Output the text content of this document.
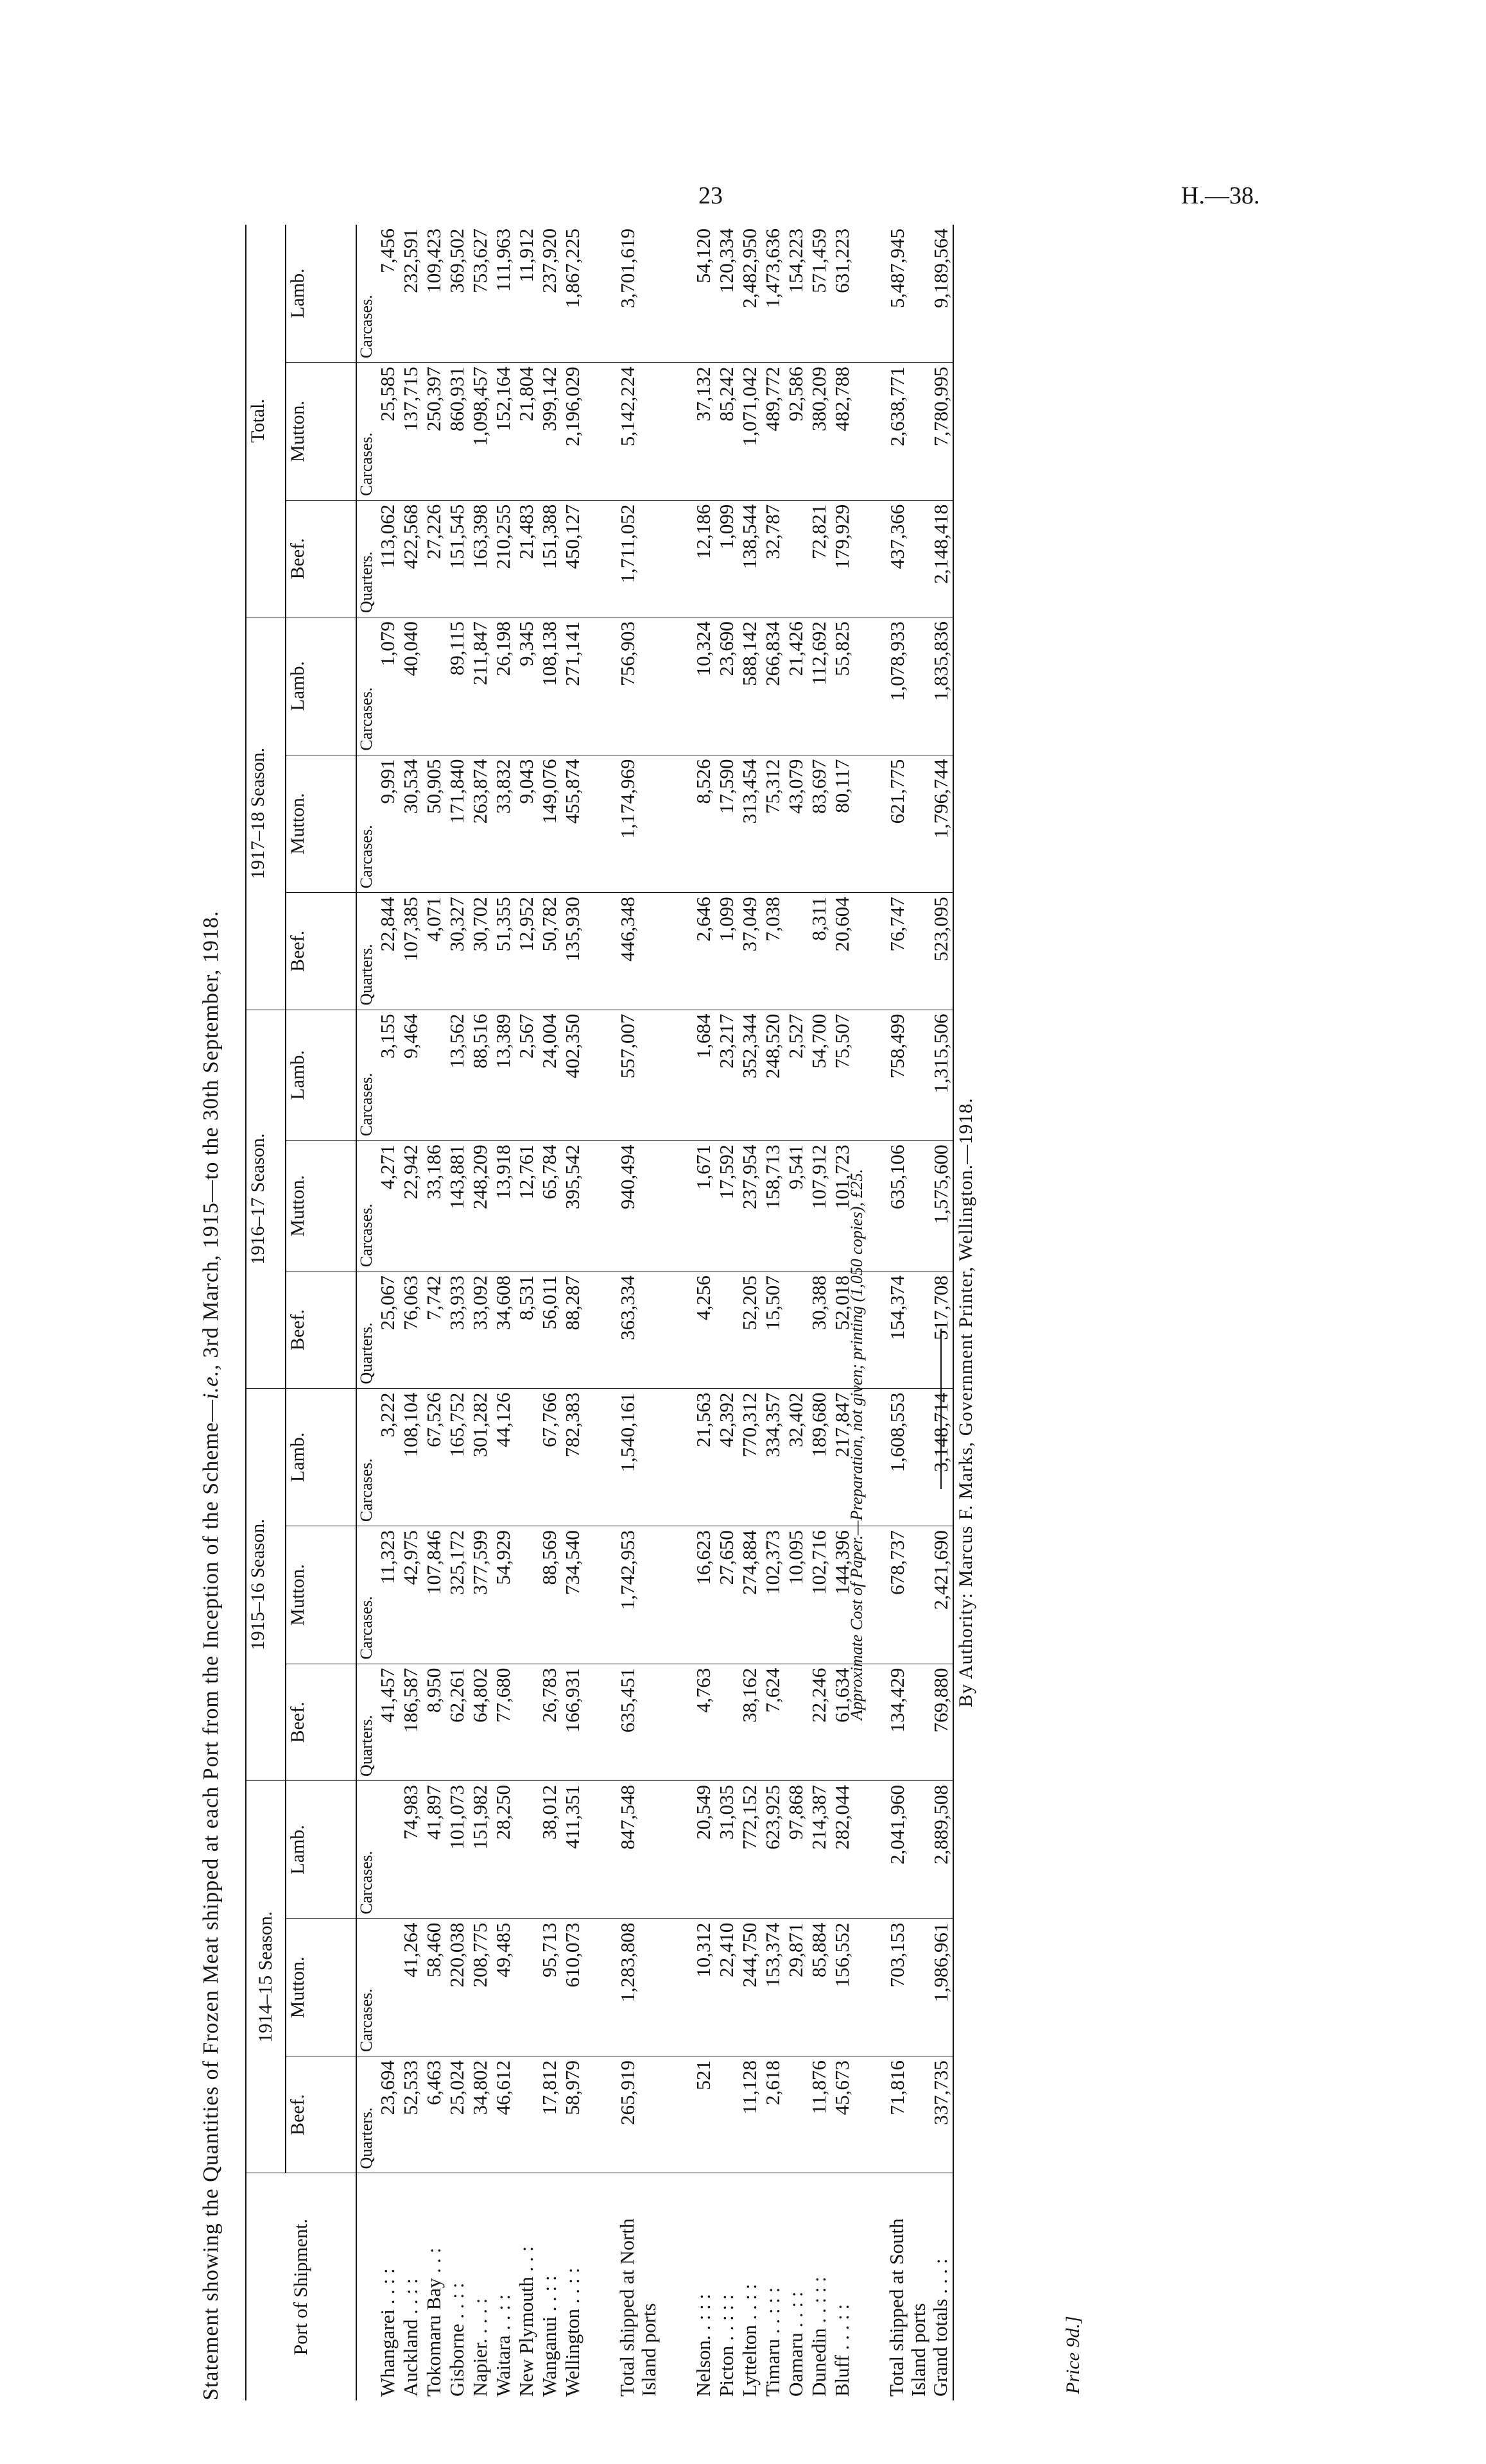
23	H.—38.
Statement showing the Quantities of Frozen Meat shipped at each Port from the Inception of the Scheme—i.e., 3rd March, 1915—to the 30th September, 1918.
Port of Shipment.	1914–15 Season.			1915–16 Season.			1916–17 Season.			1917–18 Season.			Total.		
	Beef.	Mutton.	Lamb.	Beef.	Mutton.	Lamb.	Beef.	Mutton.	Lamb.	Beef.	Mutton.	Lamb.	Beef.	Mutton.	Lamb.
	Quarters.	Carcases.	Carcases.	Quarters.	Carcases.	Carcases.	Quarters.	Carcases.	Carcases.	Quarters.	Carcases.	Carcases.	Quarters.	Carcases.	Carcases.
Whangarei . . : :	23,694			41,457	11,323	3,222	25,067	4,271	3,155	22,844	9,991	1,079	113,062	25,585	7,456
Auckland . . : :	52,533	41,264	74,983	186,587	42,975	108,104	76,063	22,942	9,464	107,385	30,534	40,040	422,568	137,715	232,591
Tokomaru Bay . . :	6,463	58,460	41,897	8,950	107,846	67,526	7,742	33,186		4,071	50,905		27,226	250,397	109,423
Gisborne . . : :	25,024	220,038	101,073	62,261	325,172	165,752	33,933	143,881	13,562	30,327	171,840	89,115	151,545	860,931	369,502
Napier. . . . :	34,802	208,775	151,982	64,802	377,599	301,282	33,092	248,209	88,516	30,702	263,874	211,847	163,398	1,098,457	753,627
Waitara . . : :	46,612	49,485	28,250	77,680	54,929	44,126	34,608	13,918	13,389	51,355	33,832	26,198	210,255	152,164	111,963
New Plymouth . . :							8,531	12,761	2,567	12,952	9,043	9,345	21,483	21,804	11,912
Wanganui . . : :	17,812	95,713	38,012	26,783	88,569	67,766	56,011	65,784	24,004	50,782	149,076	108,138	151,388	399,142	237,920
Wellington . . : :	58,979	610,073	411,351	166,931	734,540	782,383	88,287	395,542	402,350	135,930	455,874	271,141	450,127	2,196,029	1,867,225

Total shipped at North Island ports	265,919	1,283,808	847,548	635,451	1,742,953	1,540,161	363,334	940,494	557,007	446,348	1,174,969	756,903	1,711,052	5,142,224	3,701,619

Nelson. . : : :	521	10,312	20,549	4,763	16,623	21,563	4,256	1,671	1,684	2,646	8,526	10,324	12,186	37,132	54,120
Picton . . : : :		22,410	31,035		27,650	42,392		17,592	23,217	1,099	17,590	23,690	1,099	85,242	120,334
Lyttelton . . : :	11,128	244,750	772,152	38,162	274,884	770,312	52,205	237,954	352,344	37,049	313,454	588,142	138,544	1,071,042	2,482,950
Timaru . . : : :	2,618	153,374	623,925	7,624	102,373	334,357	15,507	158,713	248,520	7,038	75,312	266,834	32,787	489,772	1,473,636
Oamaru . . : :		29,871	97,868		10,095	32,402		9,541	2,527		43,079	21,426		92,586	154,223
Dunedin . . : : :	11,876	85,884	214,387	22,246	102,716	189,680	30,388	107,912	54,700	8,311	83,697	112,692	72,821	380,209	571,459
Bluff . . . : :	45,673	156,552	282,044	61,634	144,396	217,847	52,018	101,723	75,507	20,604	80,117	55,825	179,929	482,788	631,223

Total shipped at South Island ports	71,816	703,153	2,041,960	134,429	678,737	1,608,553	154,374	635,106	758,499	76,747	621,775	1,078,933	437,366	2,638,771	5,487,945
Grand totals . . . :	337,735	1,986,961	2,889,508	769,880	2,421,690	3,148,714	517,708	1,575,600	1,315,506	523,095	1,796,744	1,835,836	2,148,418	7,780,995	9,189,564
Approximate Cost of Paper.—Preparation, not given; printing (1,050 copies), £25.	By Authority: Marcus F. Marks, Government Printer, Wellington.—1918.
Price 9d.]
